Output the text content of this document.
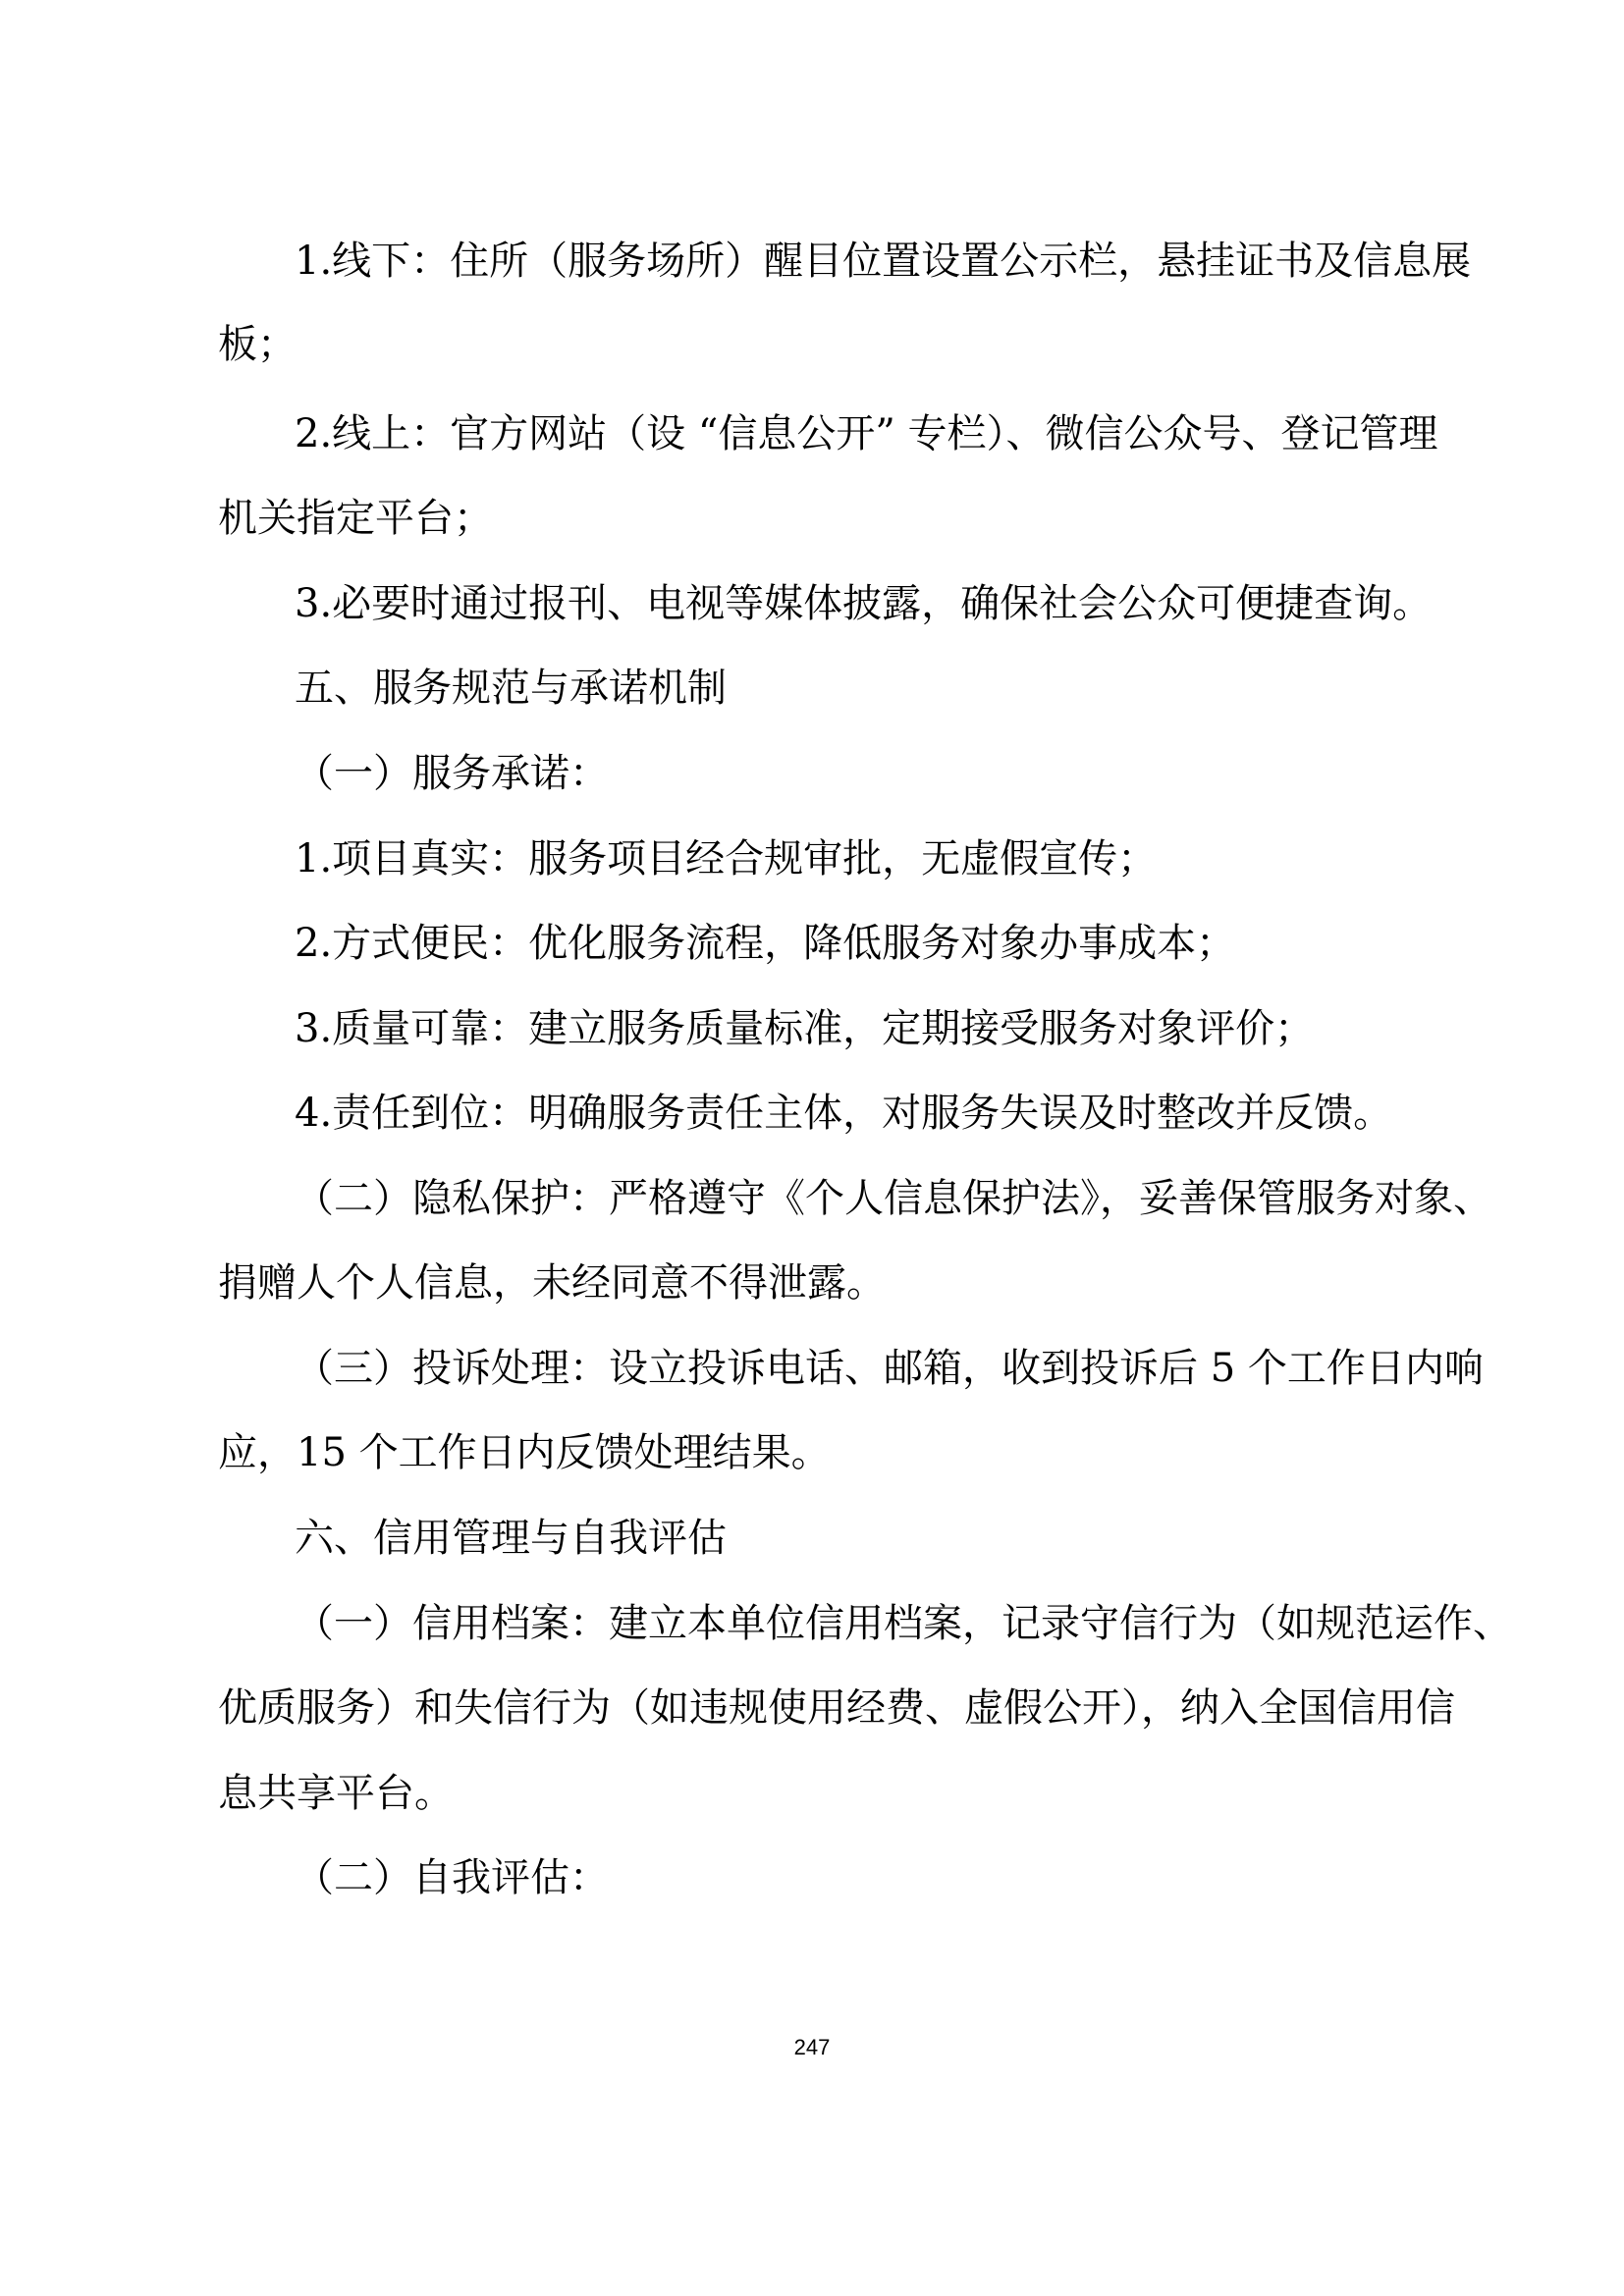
1.线下：住所（服务场所）醒目位置设置公示栏，悬挂证书及信息展
板；
2.线上：官方网站（设 “信息公开” 专栏）、微信公众号、登记管理
机关指定平台；
3.必要时通过报刊、电视等媒体披露，确保社会公众可便捷查询。
五、服务规范与承诺机制
（一）服务承诺：
1.项目真实：服务项目经合规审批，无虚假宣传；
2.方式便民：优化服务流程，降低服务对象办事成本；
3.质量可靠：建立服务质量标准，定期接受服务对象评价；
4.责任到位：明确服务责任主体，对服务失误及时整改并反馈。
（二）隐私保护：严格遵守《个人信息保护法》，妥善保管服务对象、
捐赠人个人信息，未经同意不得泄露。
（三）投诉处理：设立投诉电话、邮箱，收到投诉后 5 个工作日内响
应，15 个工作日内反馈处理结果。
六、信用管理与自我评估
（一）信用档案：建立本单位信用档案，记录守信行为（如规范运作、
优质服务）和失信行为（如违规使用经费、虚假公开），纳入全国信用信
息共享平台。
（二）自我评估：
247
